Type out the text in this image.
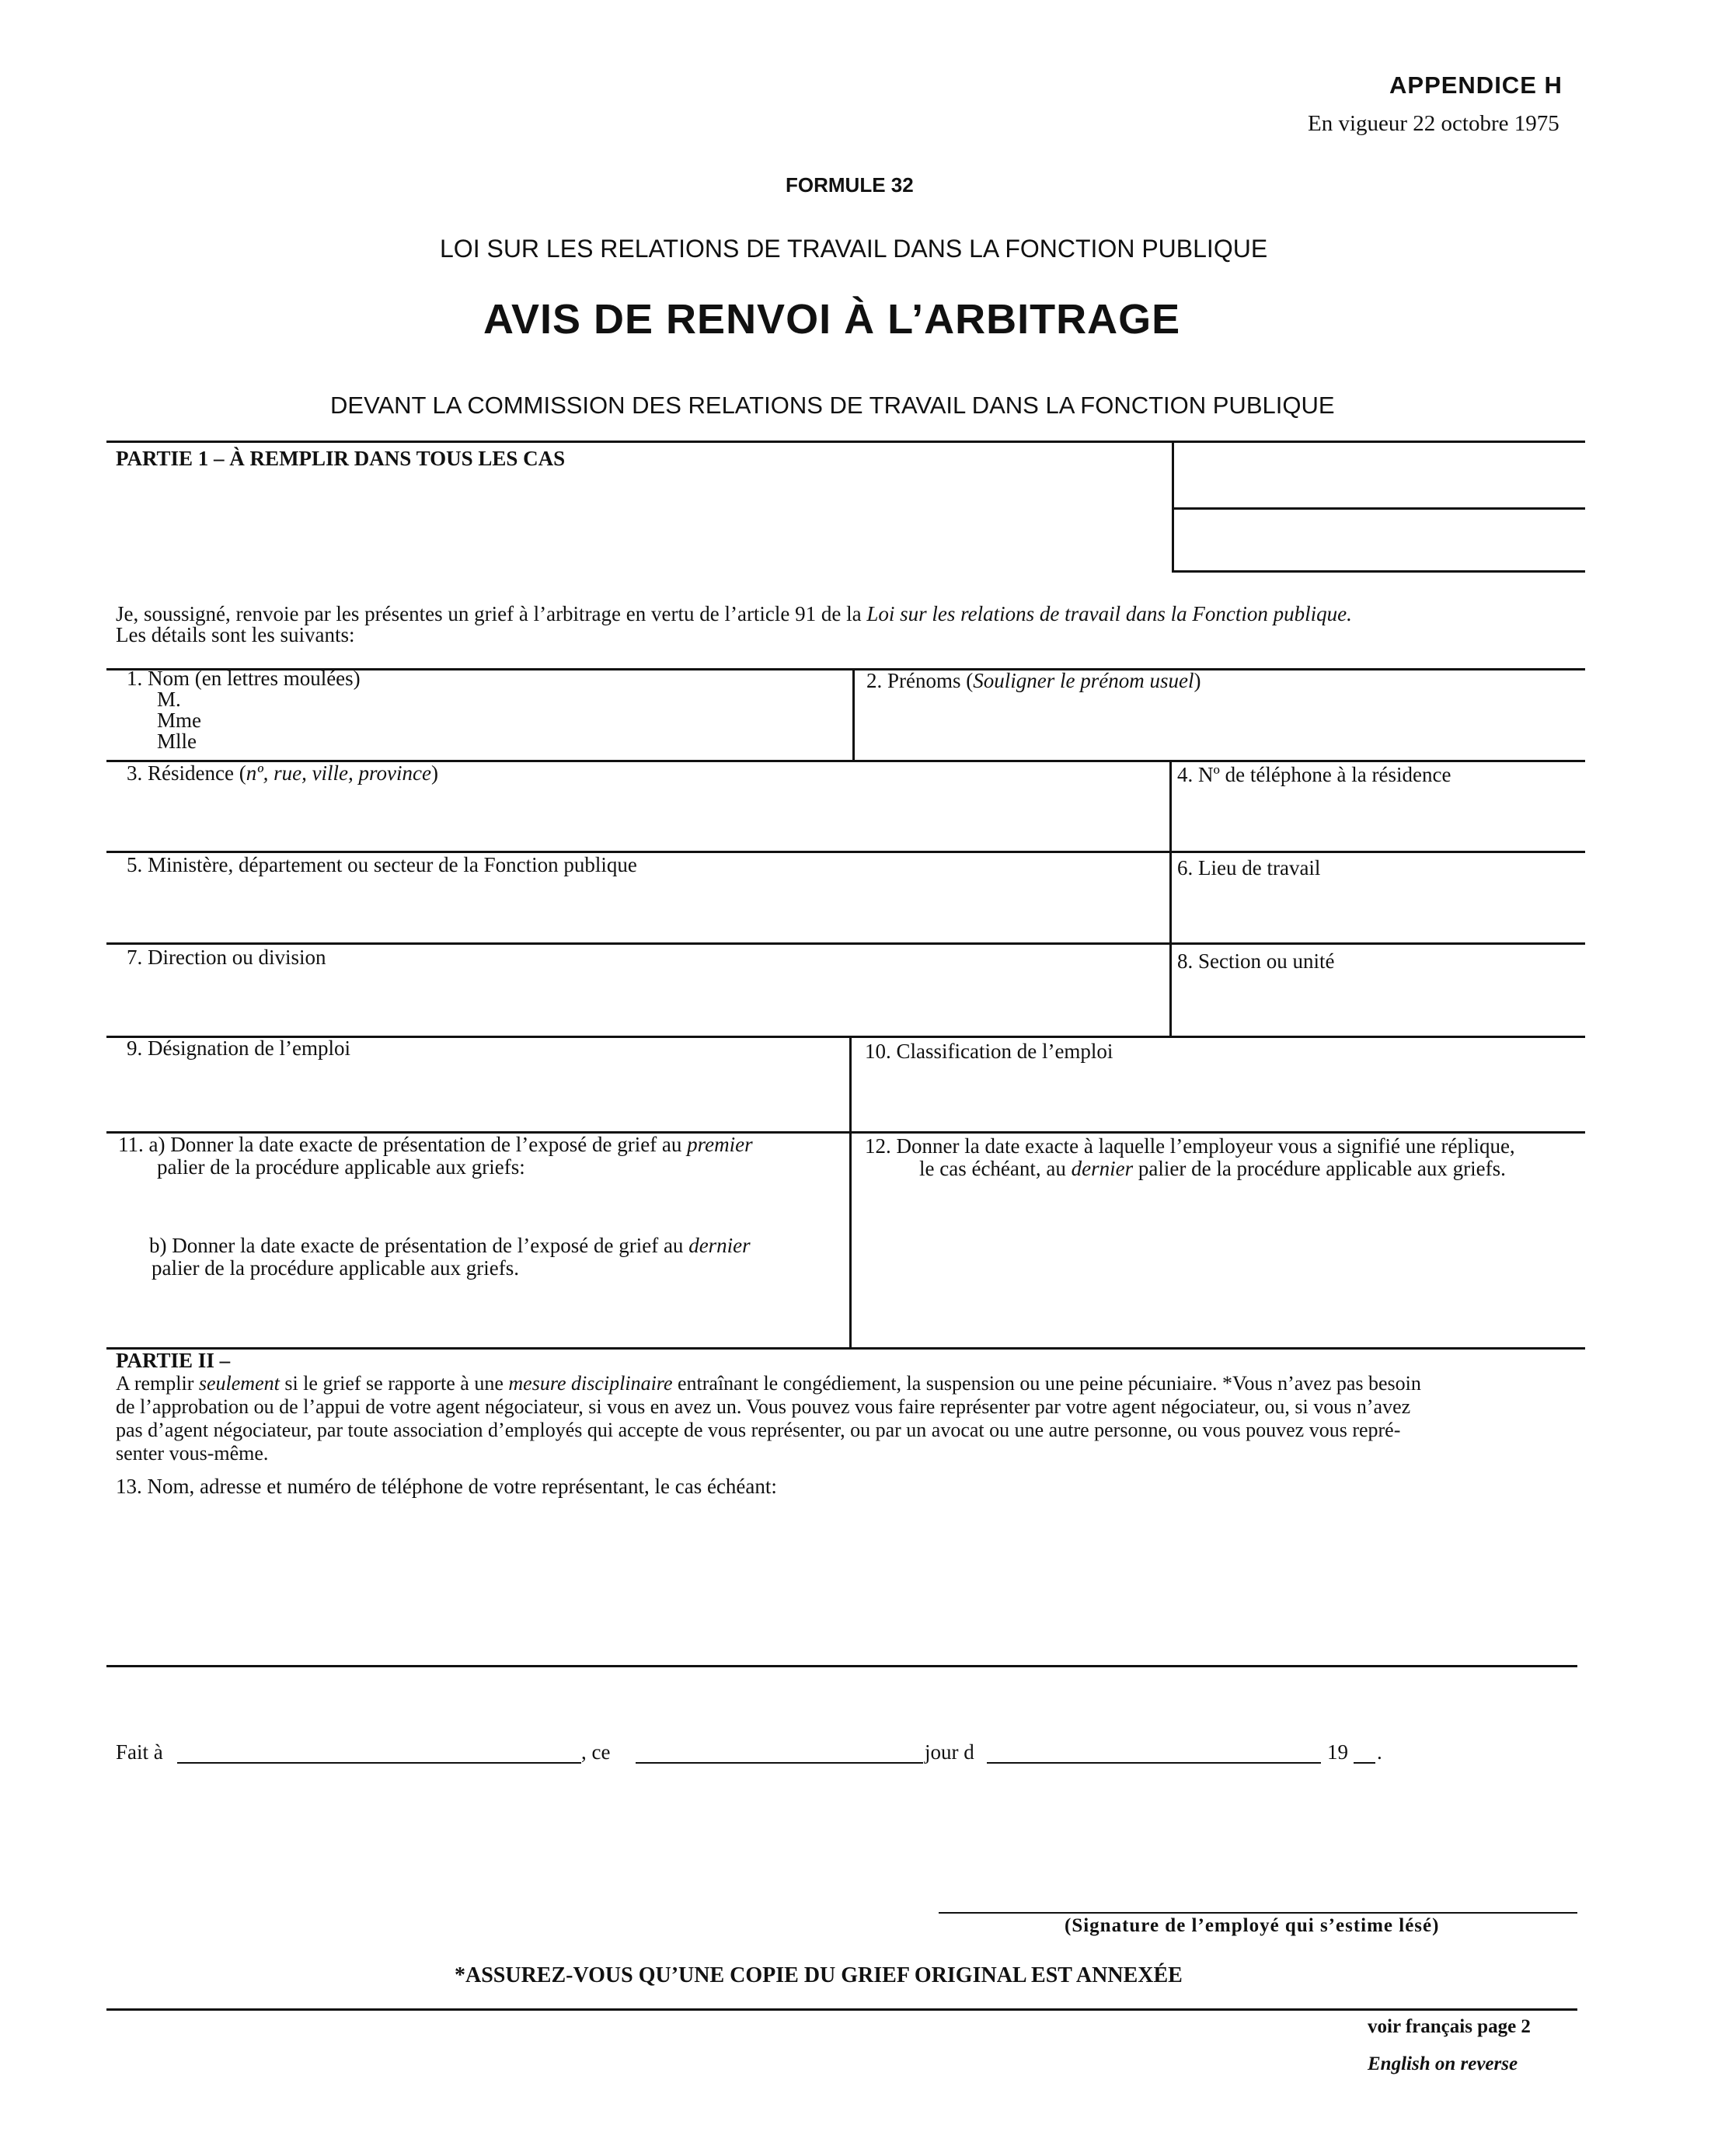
APPENDICE H
En vigueur 22 octobre 1975
FORMULE 32
LOI SUR LES RELATIONS DE TRAVAIL DANS LA FONCTION PUBLIQUE
AVIS DE RENVOI À L’ARBITRAGE
DEVANT LA COMMISSION DES RELATIONS DE TRAVAIL DANS LA FONCTION PUBLIQUE
PARTIE 1 – À REMPLIR DANS TOUS LES CAS
Je, soussigné, renvoie par les présentes un grief à l’arbitrage en vertu de l’article 91 de la Loi sur les relations de travail dans la Fonction publique.
Les détails sont les suivants:
1. Nom (en lettres moulées)
M.
Mme
Mlle
2. Prénoms (Souligner le prénom usuel)
3. Résidence (nº, rue, ville, province)	4. Nº de téléphone à la résidence
5. Ministère, département ou secteur de la Fonction publique	6. Lieu de travail
7. Direction ou division	8. Section ou unité
9. Désignation de l’emploi	10. Classification de l’emploi
11. a) Donner la date exacte de présentation de l’exposé de grief au premier
palier de la procédure applicable aux griefs:
b) Donner la date exacte de présentation de l’exposé de grief au dernier
palier de la procédure applicable aux griefs.
12. Donner la date exacte à laquelle l’employeur vous a signifié une réplique,
le cas échéant, au dernier palier de la procédure applicable aux griefs.
PARTIE II –
A remplir seulement si le grief se rapporte à une mesure disciplinaire entraînant le congédiement, la suspension ou une peine pécuniaire. *Vous n’avez pas besoin
de l’approbation ou de l’appui de votre agent négociateur, si vous en avez un. Vous pouvez vous faire représenter par votre agent négociateur, ou, si vous n’avez
pas d’agent négociateur, par toute association d’employés qui accepte de vous représenter, ou par un avocat ou une autre personne, ou vous pouvez vous repré-
senter vous-même.
13. Nom, adresse et numéro de téléphone de votre représentant, le cas échéant:
Fait à	, ce	jour d	19 .
(Signature de l’employé qui s’estime lésé)
*ASSUREZ-VOUS QU’UNE COPIE DU GRIEF ORIGINAL EST ANNEXÉE
voir français page 2
English on reverse
